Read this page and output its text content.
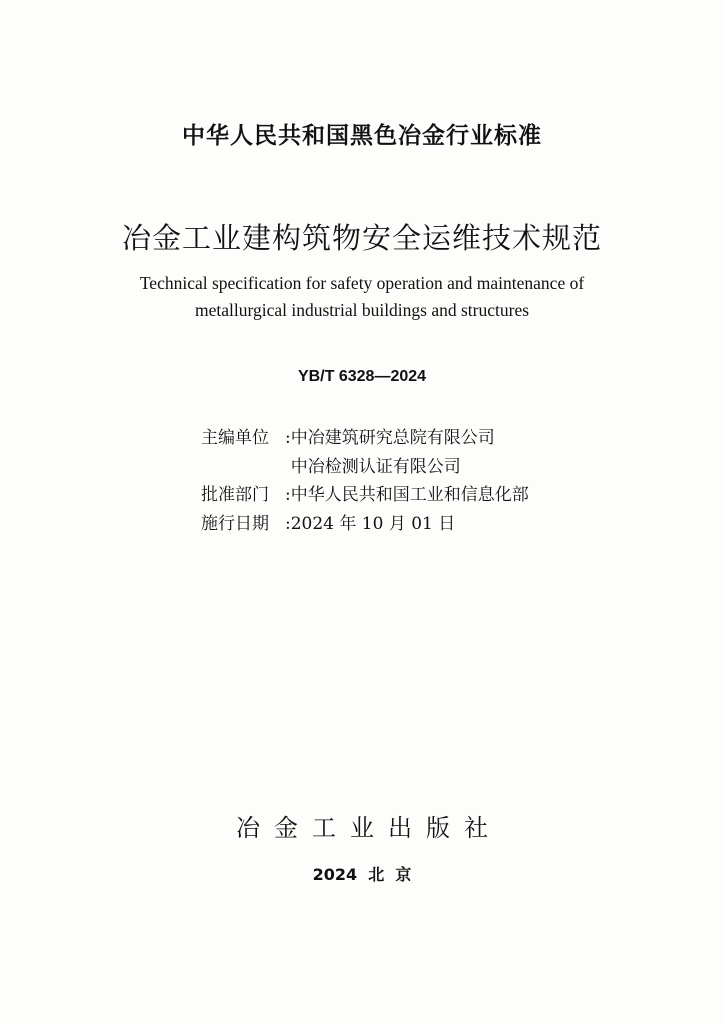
中华人民共和国黑色冶金行业标准
冶金工业建构筑物安全运维技术规范
Technical specification for safety operation and maintenance of
metallurgical industrial buildings and structures
YB/T 6328—2024
主编单位 : 中冶建筑研究总院有限公司
中冶检测认证有限公司
批准部门 : 中华人民共和国工业和信息化部
施行日期 : 2024 年 10 月 01 日
冶金工业出版社
2024 北  京
